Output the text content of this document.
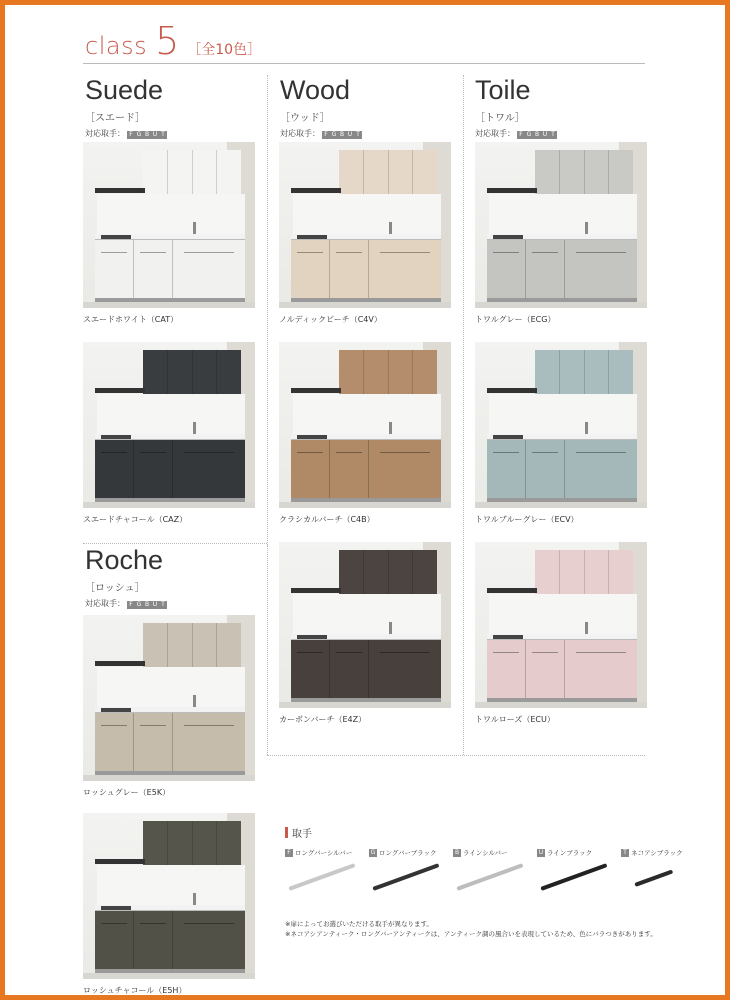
class 5 ［全10色］
Suede
［スエード］
対応取手： F G B U T
Wood
［ウッド］
対応取手： F G B U T
Toile
［トワル］
対応取手： F G B U T
Roche
［ロッシュ］
対応取手： F G B U T
スエードホワイト（CAT）
スエードチャコール（CAZ）
ノルディックビーチ（C4V）
クラシカルバーチ（C4B）
カーボンバーチ（E4Z）
トワルグレー（ECG）
トワルブルーグレー（ECV）
トワルローズ（ECU）
ロッシュグレー（E5K）
ロッシュチャコール（E5H）
取手
F ロングバーシルバー	G ロングバーブラック	B ラインシルバー	U ラインブラック	T ネコアシブラック
※扉によってお選びいただける取手が異なります。
※ネコアシアンティーク・ロングバーアンティークは、アンティーク調の風合いを表現しているため、色にバラつきがあります。
